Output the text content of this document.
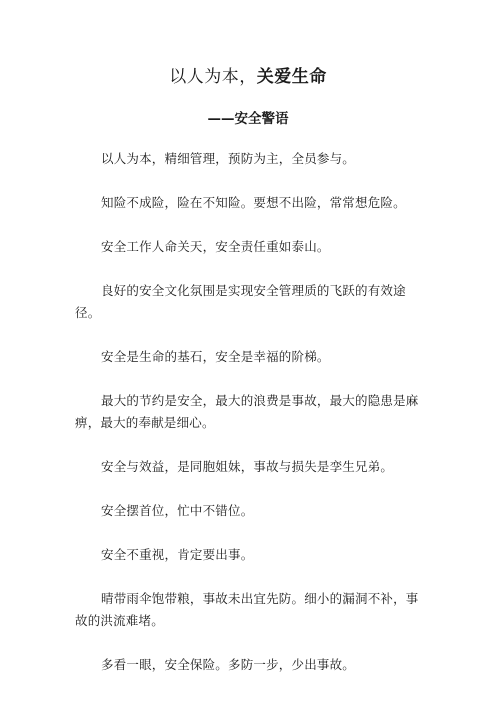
以人为本，关爱生命
——安全警语

以人为本，精细管理，预防为主，全员参与。

知险不成险，险在不知险。要想不出险，常常想危险。

安全工作人命关天，安全责任重如泰山。

良好的安全文化氛围是实现安全管理质的飞跃的有效途径。

安全是生命的基石，安全是幸福的阶梯。

最大的节约是安全，最大的浪费是事故，最大的隐患是麻痹，最大的奉献是细心。

安全与效益，是同胞姐妹，事故与损失是孪生兄弟。

安全摆首位，忙中不错位。

安全不重视，肯定要出事。

晴带雨伞饱带粮，事故未出宜先防。细小的漏洞不补，事故的洪流难堵。

多看一眼，安全保险。多防一步，少出事故。
